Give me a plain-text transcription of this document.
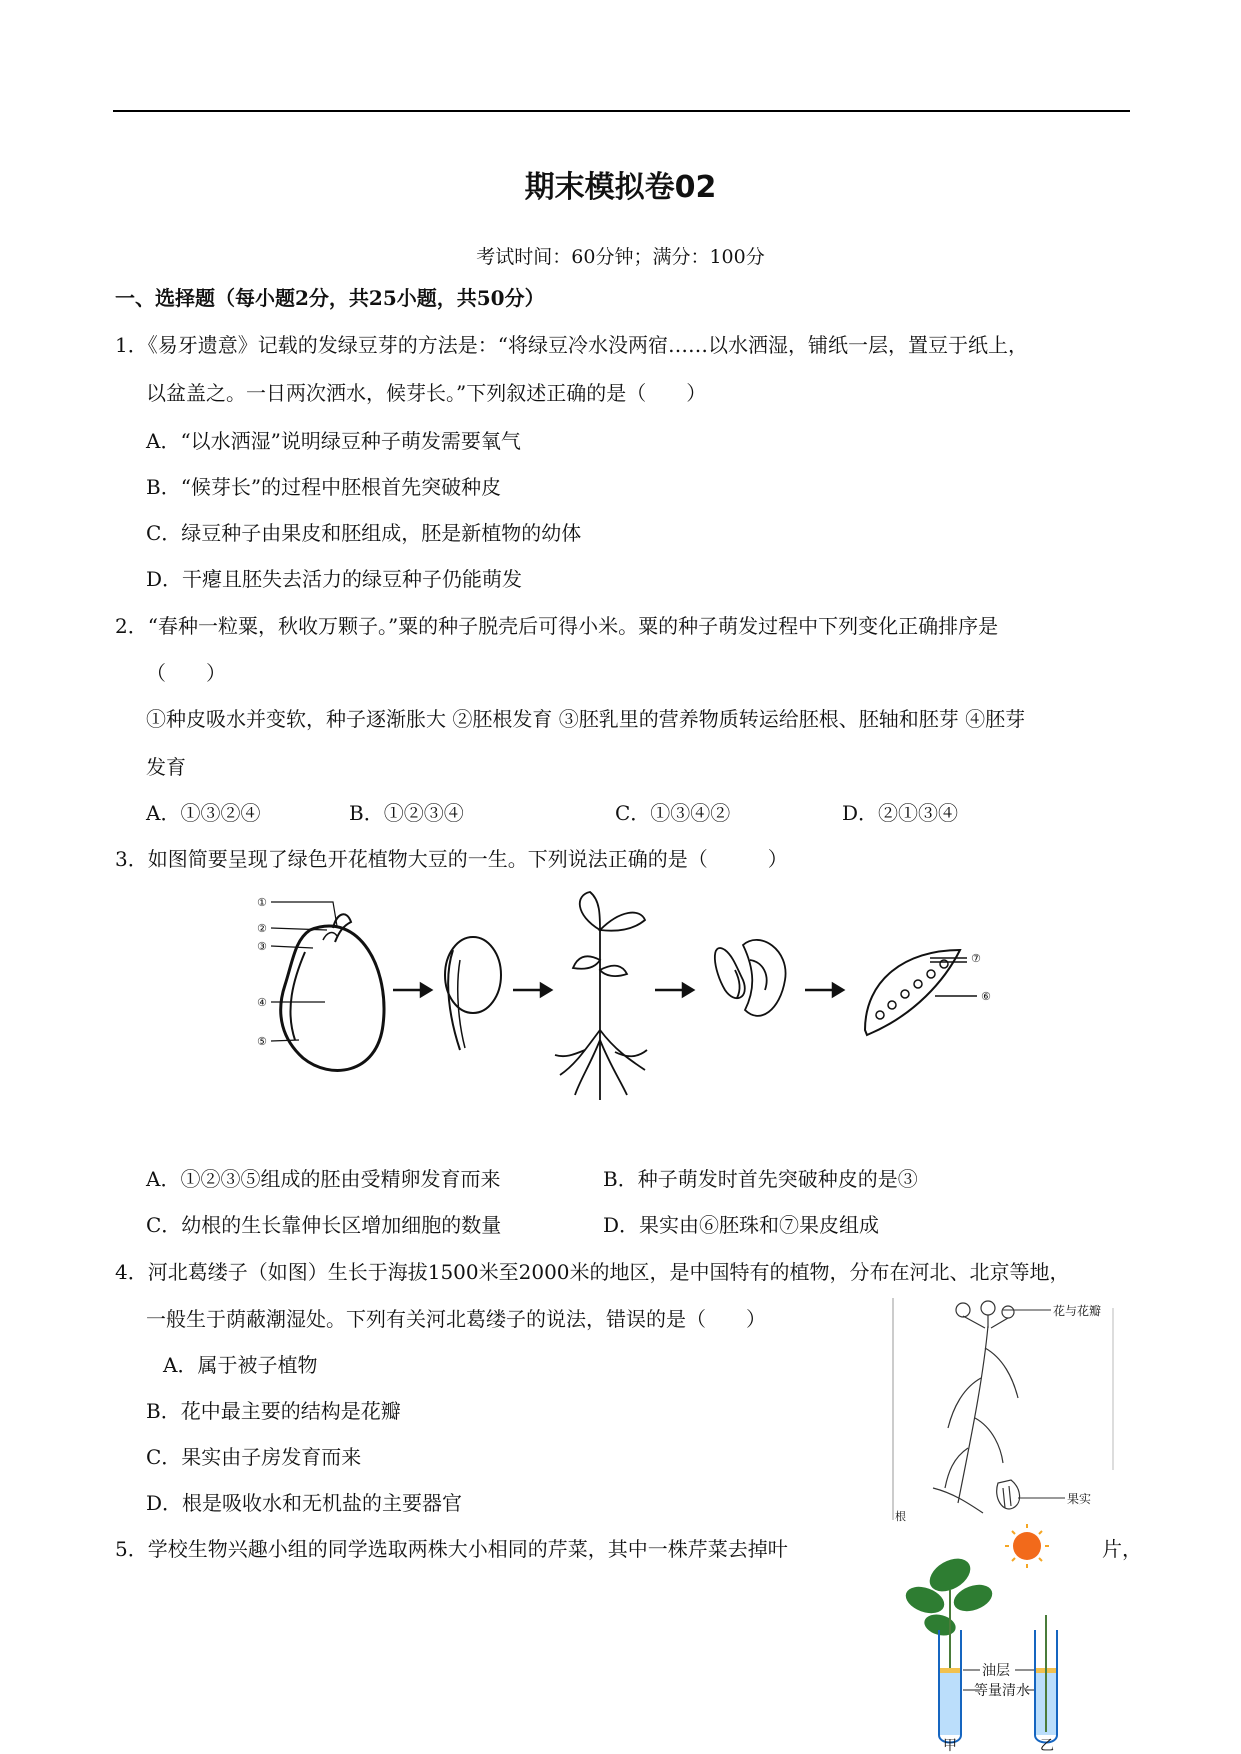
期末模拟卷02
考试时间：60分钟；满分：100分
一、选择题（每小题2分，共25小题，共50分）
1．《易牙遗意》记载的发绿豆芽的方法是：“将绿豆冷水没两宿……以水洒湿，铺纸一层，置豆于纸上，
以盆盖之。一日两次洒水，候芽长。”下列叙述正确的是（　　）
A．“以水洒湿”说明绿豆种子萌发需要氧气
B．“候芽长”的过程中胚根首先突破种皮
C．绿豆种子由果皮和胚组成，胚是新植物的幼体
D．干瘪且胚失去活力的绿豆种子仍能萌发
2．“春种一粒粟，秋收万颗子。”粟的种子脱壳后可得小米。粟的种子萌发过程中下列变化正确排序是
（　　）
①种皮吸水并变软，种子逐渐胀大 ②胚根发育 ③胚乳里的营养物质转运给胚根、胚轴和胚芽 ④胚芽
发育
A．①③②④	B．①②③④	C．①③④②	D．②①③④
3．如图简要呈现了绿色开花植物大豆的一生。下列说法正确的是（　　　）
①
②
③
④
⑤
⑦
⑥
A．①②③⑤组成的胚由受精卵发育而来	B．种子萌发时首先突破种皮的是③
C．幼根的生长靠伸长区增加细胞的数量	D．果实由⑥胚珠和⑦果皮组成
4．河北葛缕子（如图）生长于海拔1500米至2000米的地区，是中国特有的植物，分布在河北、北京等地，
一般生于荫蔽潮湿处。下列有关河北葛缕子的说法，错误的是（　　）
A．属于被子植物
B．花中最主要的结构是花瓣
C．果实由子房发育而来
D．根是吸收水和无机盐的主要器官
花与花瓣
果实
根
5．学校生物兴趣小组的同学选取两株大小相同的芹菜，其中一株芹菜去掉叶	片，
油层
等量清水
甲	乙
